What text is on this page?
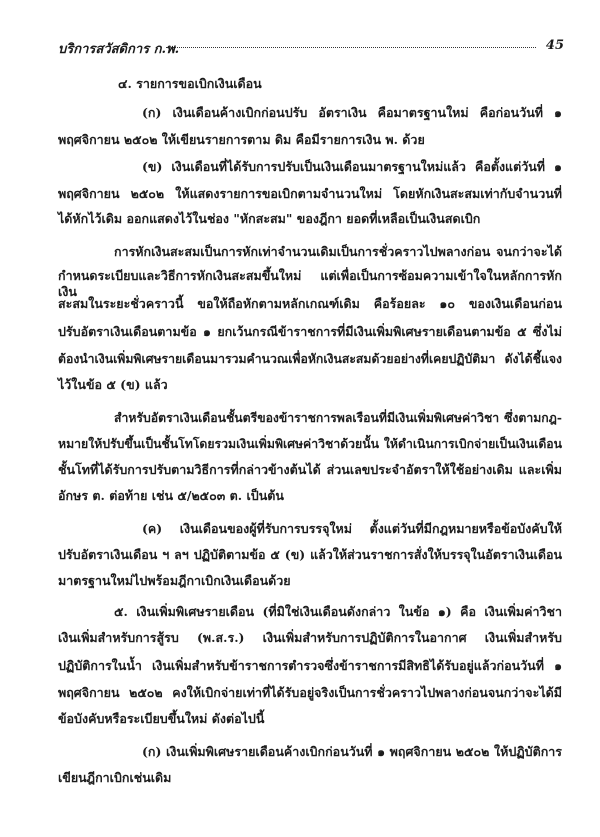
บริการสวัสดิการ ก.พ.	45
๔. รายการขอเบิกเงินเดือน
(ก) เงินเดือนค้างเบิกก่อนปรับ อัตราเงิน คือมาตรฐานใหม่ คือก่อนวันที่ ๑
พฤศจิกายน ๒๕๐๒ ให้เขียนรายการตาม ดิม คือมีรายการเงิน พ. ด้วย
(ข) เงินเดือนที่ได้รับการปรับเป็นเงินเดือนมาตรฐานใหม่แล้ว คือตั้งแต่วันที่ ๑
พฤศจิกายน ๒๕๐๒ ให้แสดงรายการขอเบิกตามจำนวนใหม่ โดยหักเงินสะสมเท่ากับจำนวนที่
ได้หักไว้เดิม ออกแสดงไว้ในช่อง "หักสะสม" ของฎีกา ยอดที่เหลือเป็นเงินสดเบิก
การหักเงินสะสมเป็นการหักเท่าจำนวนเดิมเป็นการชั่วคราวไปพลางก่อน จนกว่าจะได้
กำหนดระเบียบและวิธีการหักเงินสะสมขึ้นใหม่ แต่เพื่อเป็นการซ้อมความเข้าใจในหลักการหักเงิน
สะสมในระยะชั่วคราวนี้ ขอให้ถือหักตามหลักเกณฑ์เดิม คือร้อยละ ๑๐ ของเงินเดือนก่อน
ปรับอัตราเงินเดือนตามข้อ ๑ ยกเว้นกรณีข้าราชการที่มีเงินเพิ่มพิเศษรายเดือนตามข้อ ๕ ซึ่งไม่
ต้องนำเงินเพิ่มพิเศษรายเดือนมารวมคำนวณเพื่อหักเงินสะสมด้วยอย่างที่เคยปฏิบัติมา ดังได้ชี้แจง
ไว้ในข้อ ๕ (ข) แล้ว
สำหรับอัตราเงินเดือนชั้นตรีของข้าราชการพลเรือนที่มีเงินเพิ่มพิเศษค่าวิชา ซึ่งตามกฎ-
หมายให้ปรับขึ้นเป็นชั้นโทโดยรวมเงินเพิ่มพิเศษค่าวิชาด้วยนั้น ให้ดำเนินการเบิกจ่ายเป็นเงินเดือน
ชั้นโทที่ได้รับการปรับตามวิธีการที่กล่าวข้างต้นได้ ส่วนเลขประจำอัตราให้ใช้อย่างเดิม และเพิ่ม
อักษร ต. ต่อท้าย เช่น ๕/๒๕๐๓ ต. เป็นต้น
(ค) เงินเดือนของผู้ที่รับการบรรจุใหม่ ตั้งแต่วันที่มีกฎหมายหรือข้อบังคับให้
ปรับอัตราเงินเดือน ฯ ลฯ ปฏิบัติตามข้อ ๕ (ข) แล้วให้ส่วนราชการสั่งให้บรรจุในอัตราเงินเดือน
มาตรฐานใหม่ไปพร้อมฎีกาเบิกเงินเดือนด้วย
๕. เงินเพิ่มพิเศษรายเดือน (ที่มิใช่เงินเดือนดังกล่าว ในข้อ ๑) คือ เงินเพิ่มค่าวิชา
เงินเพิ่มสำหรับการสู้รบ (พ.ส.ร.) เงินเพิ่มสำหรับการปฏิบัติการในอากาศ เงินเพิ่มสำหรับ
ปฏิบัติการในน้ำ เงินเพิ่มสำหรับข้าราชการตำรวจซึ่งข้าราชการมีสิทธิได้รับอยู่แล้วก่อนวันที่ ๑
พฤศจิกายน ๒๕๐๒ คงให้เบิกจ่ายเท่าที่ได้รับอยู่จริงเป็นการชั่วคราวไปพลางก่อนจนกว่าจะได้มี
ข้อบังคับหรือระเบียบขึ้นใหม่ ดังต่อไปนี้
(ก) เงินเพิ่มพิเศษรายเดือนค้างเบิกก่อนวันที่ ๑ พฤศจิกายน ๒๕๐๒ ให้ปฏิบัติการ
เขียนฎีกาเบิกเช่นเดิม
